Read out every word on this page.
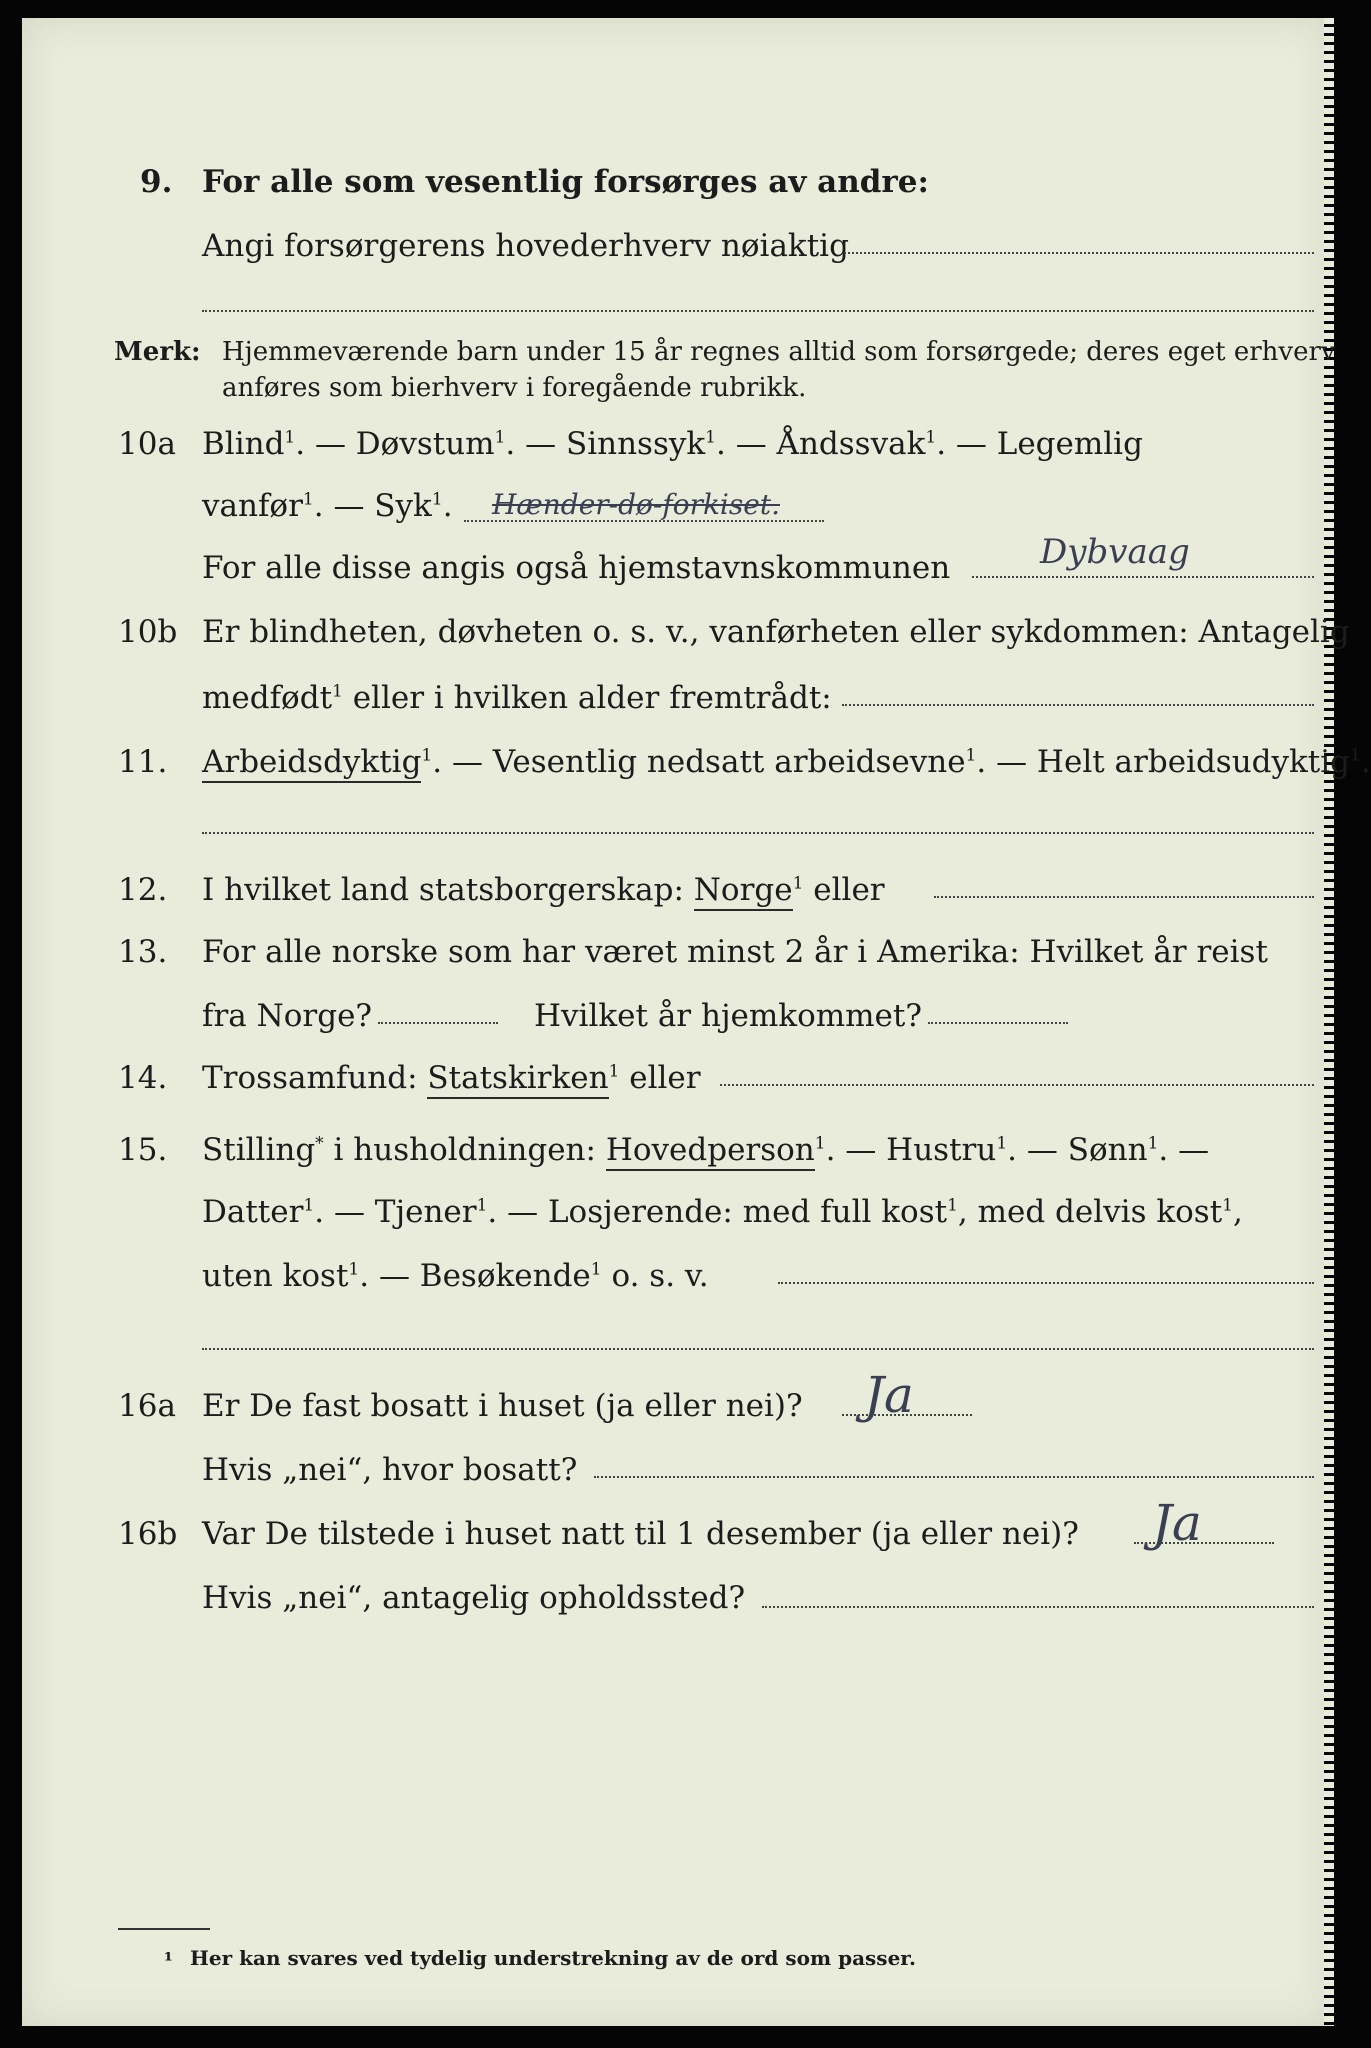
9. For alle som vesentlig forsørges av andre:
Angi forsørgerens hovederhverv nøiaktig
Merk: Hjemmeværende barn under 15 år regnes alltid som forsørgede; deres eget erhverv
anføres som bierhverv i foregående rubrikk.
10a Blind$^1$. — Døvstum$^1$. — Sinnssyk$^1$. — Åndssvak$^1$. — Legemlig
vanfør$^1$. — Syk$^1$. Hænder-dø-forkiset.
For alle disse angis også hjemstavnskommunen	Dybvaag
10b Er blindheten, døvheten o. s. v., vanførheten eller sykdommen: Antagelig
medfødt$^1$ eller i hvilken alder fremtrådt:
11. Arbeidsdyktig$^1$. — Vesentlig nedsatt arbeidsevne$^1$. — Helt arbeidsudyktig$^1$.
12. I hvilket land statsborgerskap: Norge$^1$ eller
13. For alle norske som har været minst 2 år i Amerika: Hvilket år reist
fra Norge?	Hvilket år hjemkommet?
14. Trossamfund: Statskirken$^1$ eller
15. Stilling* i husholdningen: Hovedperson$^1$. — Hustru$^1$. — Sønn$^1$. —
Datter$^1$. — Tjener$^1$. — Losjerende: med full kost$^1$, med delvis kost$^1$,
uten kost$^1$. — Besøkende$^1$ o. s. v.
16a Er De fast bosatt i huset (ja eller nei)? Ja
Hvis „nei“, hvor bosatt?
16b Var De tilstede i huset natt til 1 desember (ja eller nei)? Ja
Hvis „nei“, antagelig opholdssted?
¹ Her kan svares ved tydelig understrekning av de ord som passer.
